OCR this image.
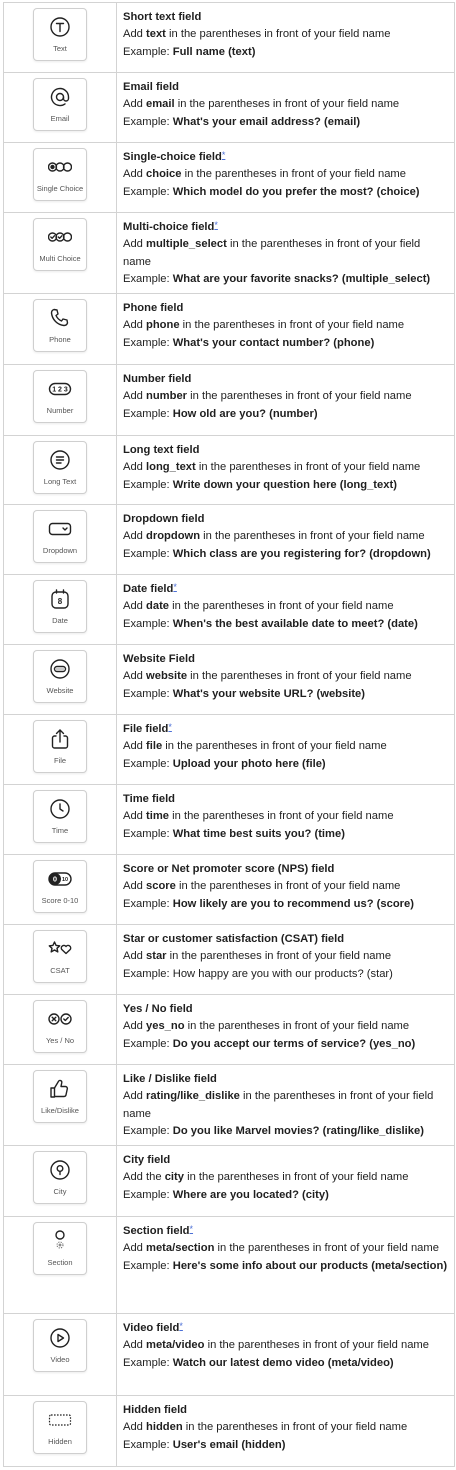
Text
Short text field
Add text in the parentheses in front of your field name
Example: Full name (text)
Email
Email field
Add email in the parentheses in front of your field name
Example: What's your email address? (email)
Single Choice
Single-choice field*
Add choice in the parentheses in front of your field name
Example: Which model do you prefer the most? (choice)
Multi Choice
Multi-choice field*
Add multiple_select in the parentheses in front of your field name
Example: What are your favorite snacks? (multiple_select)
Phone
Phone field
Add phone in the parentheses in front of your field name
Example: What's your contact number? (phone)
1 2 3
Number
Number field
Add number in the parentheses in front of your field name
Example: How old are you? (number)
Long Text
Long text field
Add long_text in the parentheses in front of your field name
Example: Write down your question here (long_text)
Dropdown
Dropdown field
Add dropdown in the parentheses in front of your field name
Example: Which class are you registering for? (dropdown)
8
Date
Date field*
Add date in the parentheses in front of your field name
Example: When's the best available date to meet? (date)
Website
Website Field
Add website in the parentheses in front of your field name
Example: What's your website URL? (website)
File
File field*
Add file in the parentheses in front of your field name
Example: Upload your photo here (file)
Time
Time field
Add time in the parentheses in front of your field name
Example: What time best suits you? (time)
0 10
Score 0-10
Score or Net promoter score (NPS) field
Add score in the parentheses in front of your field name
Example: How likely are you to recommend us? (score)
CSAT
Star or customer satisfaction (CSAT) field
Add star in the parentheses in front of your field name
Example: How happy are you with our products? (star)
Yes / No
Yes / No field
Add yes_no in the parentheses in front of your field name
Example: Do you accept our terms of service? (yes_no)
Like/Dislike
Like / Dislike field
Add rating/like_dislike in the parentheses in front of your field name
Example: Do you like Marvel movies? (rating/like_dislike)
City
City field
Add the city in the parentheses in front of your field name
Example: Where are you located? (city)
Section
Section field*
Add meta/section in the parentheses in front of your field name
Example: Here's some info about our products (meta/section)
Video
Video field*
Add meta/video in the parentheses in front of your field name
Example: Watch our latest demo video (meta/video)
Hidden
Hidden field
Add hidden in the parentheses in front of your field name
Example: User's email (hidden)
